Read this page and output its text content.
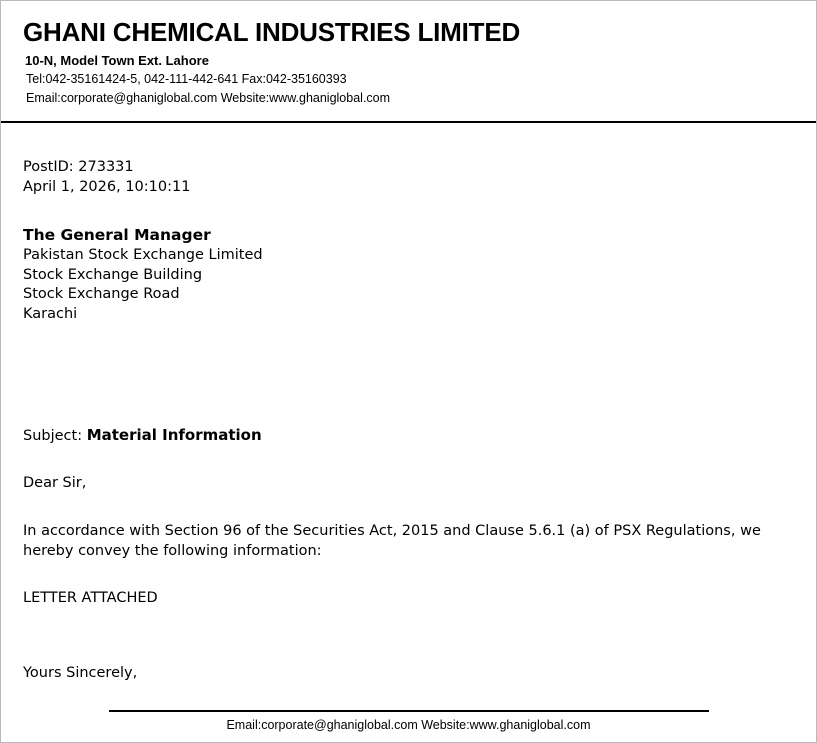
GHANI CHEMICAL INDUSTRIES LIMITED
10-N, Model Town Ext. Lahore
Tel:042-35161424-5, 042-111-442-641 Fax:042-35160393
Email:corporate@ghaniglobal.com Website:www.ghaniglobal.com
PostID: 273331
April 1, 2026, 10:10:11
The General Manager
Pakistan Stock Exchange Limited
Stock Exchange Building
Stock Exchange Road
Karachi
Subject: Material Information
Dear Sir,
In accordance with Section 96 of the Securities Act, 2015 and Clause 5.6.1 (a) of PSX Regulations, we hereby convey the following information:
LETTER ATTACHED
Yours Sincerely,
Email:corporate@ghaniglobal.com Website:www.ghaniglobal.com
